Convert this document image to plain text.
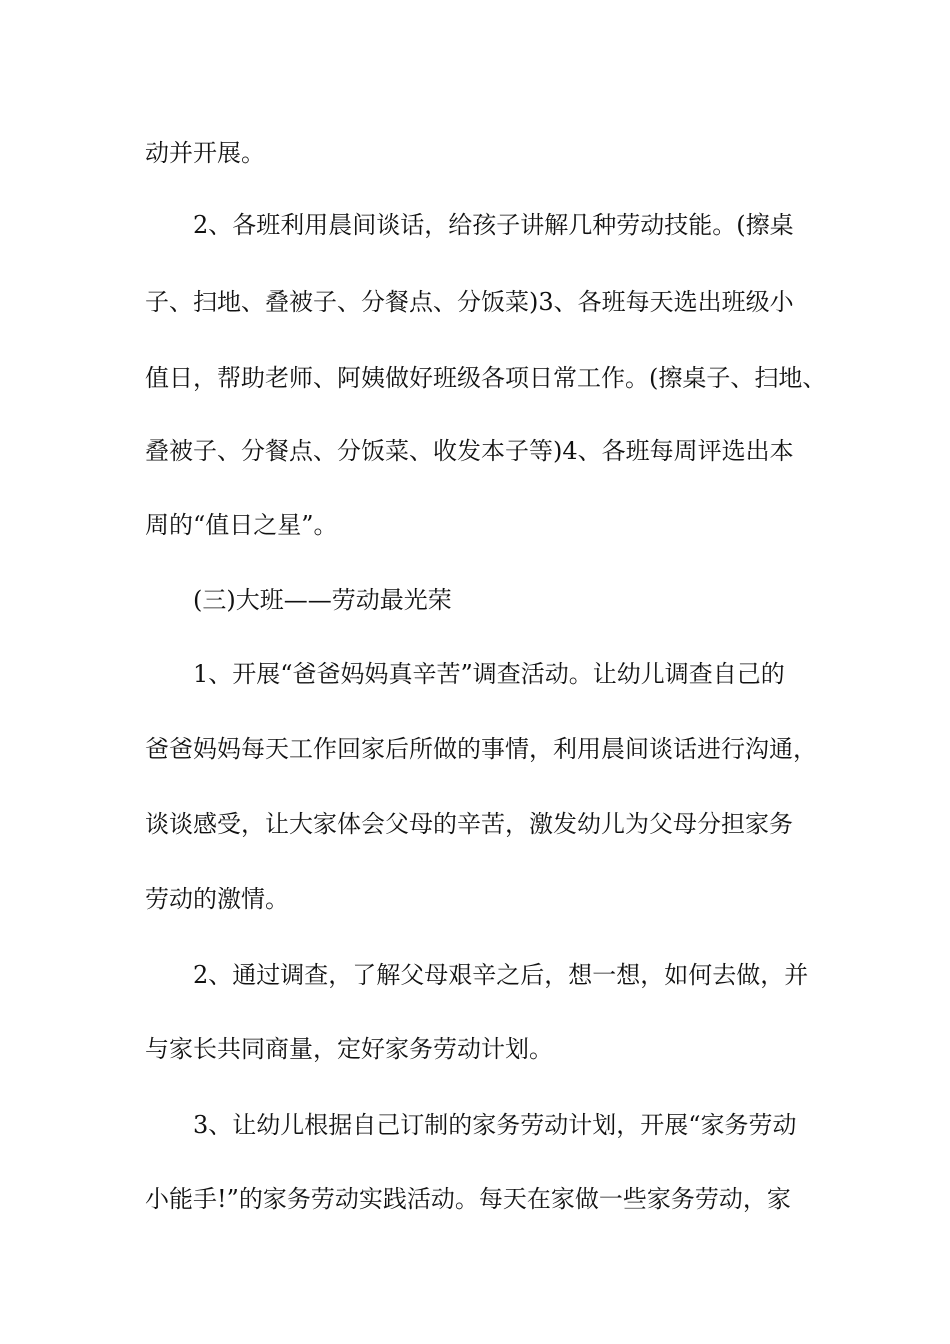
动并开展。
2、各班利用晨间谈话，给孩子讲解几种劳动技能。(擦桌
子、扫地、叠被子、分餐点、分饭菜)3、各班每天选出班级小
值日，帮助老师、阿姨做好班级各项日常工作。(擦桌子、扫地、
叠被子、分餐点、分饭菜、收发本子等)4、各班每周评选出本
周的“值日之星”。
(三)大班——劳动最光荣
1、开展“爸爸妈妈真辛苦”调查活动。让幼儿调查自己的
爸爸妈妈每天工作回家后所做的事情，利用晨间谈话进行沟通，
谈谈感受，让大家体会父母的辛苦，激发幼儿为父母分担家务
劳动的激情。
2、通过调查，了解父母艰辛之后，想一想，如何去做，并
与家长共同商量，定好家务劳动计划。
3、让幼儿根据自己订制的家务劳动计划，开展“家务劳动
小能手!”的家务劳动实践活动。每天在家做一些家务劳动，家
